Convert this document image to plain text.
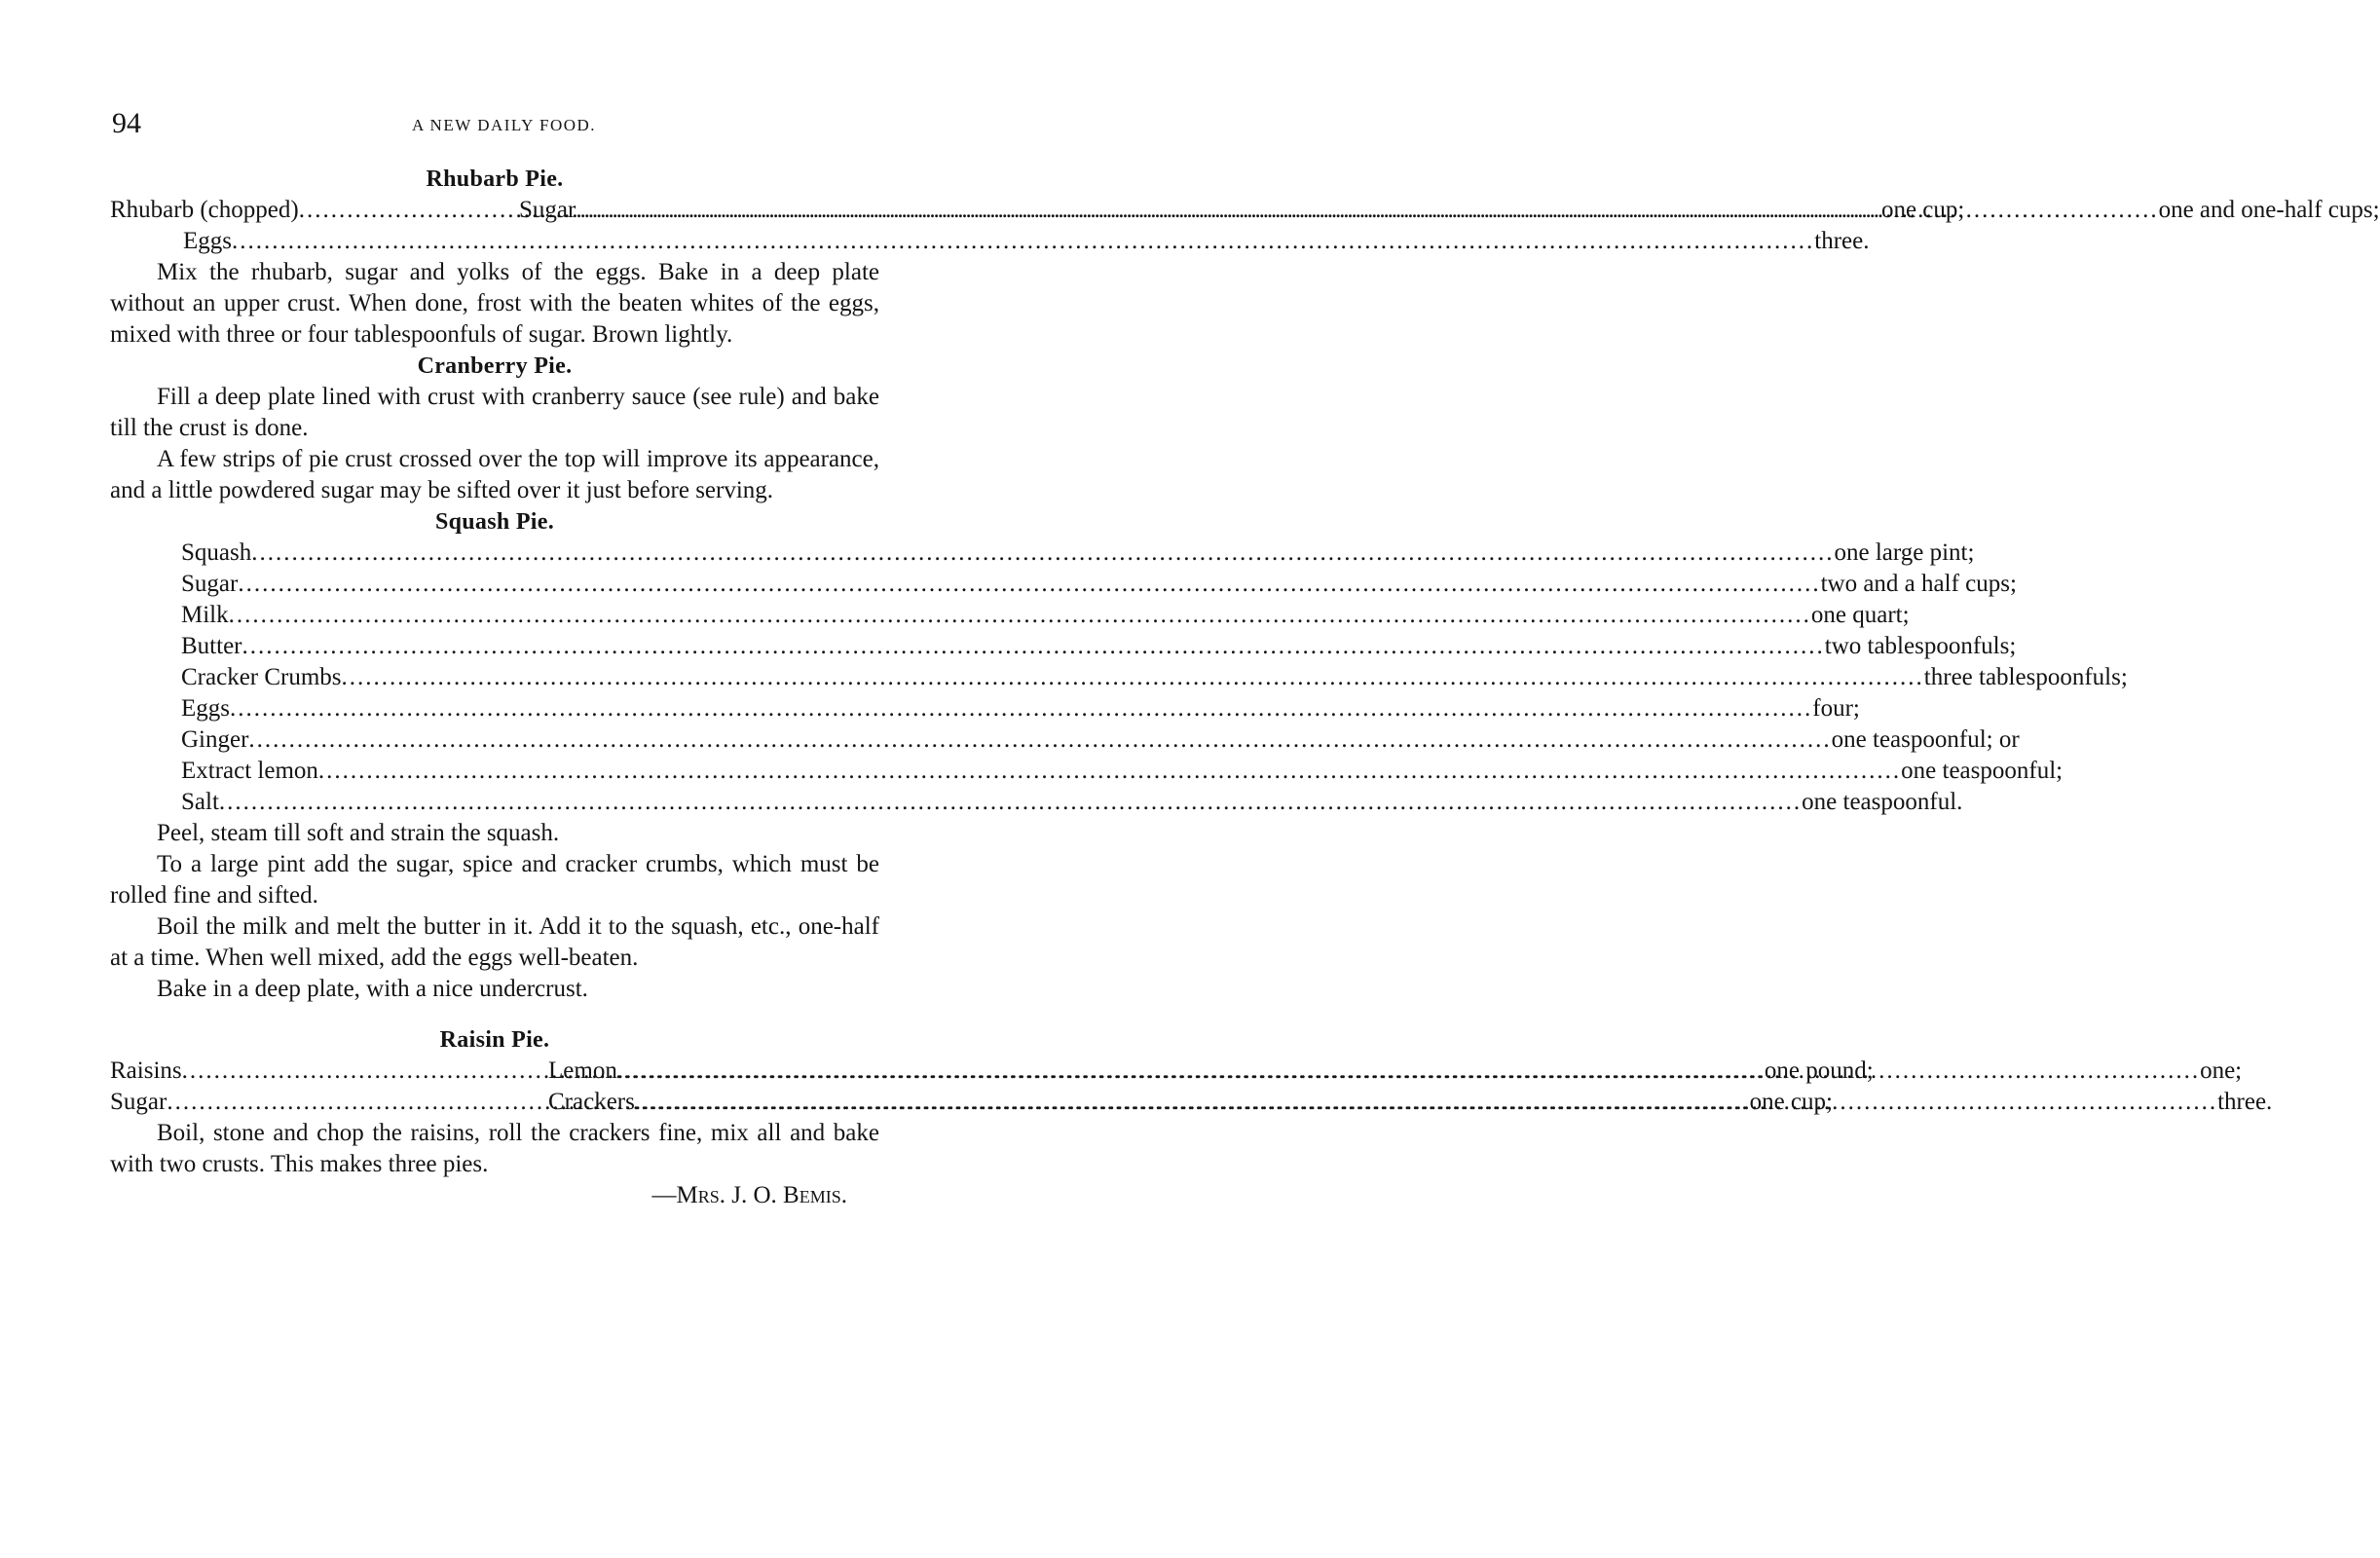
94	A NEW DAILY FOOD.
Rhubarb Pie.
Rhubarb (chopped) .....	one cup;
Sugar .....	one and one-half cups;
Eggs .....	three.

Mix the rhubarb, sugar and yolks of the eggs. Bake in a deep plate without an upper crust. When done, frost with the beaten whites of the eggs, mixed with three or four tablespoonfuls of sugar. Brown lightly.

Cranberry Pie.

Fill a deep plate lined with crust with cranberry sauce (see rule) and bake till the crust is done.

A few strips of pie crust crossed over the top will improve its appearance, and a little powdered sugar may be sifted over it just before serving.

Squash Pie.
Squash .....	one large pint;
Sugar .....	two and a half cups;
Milk .....	one quart;
Butter .....	two tablespoonfuls;
Cracker Crumbs .....	three tablespoonfuls;
Eggs .....	four;
Ginger .....	one teaspoonful; or
Extract lemon .....	one teaspoonful;
Salt .....	one teaspoonful.

Peel, steam till soft and strain the squash.

To a large pint add the sugar, spice and cracker crumbs, which must be rolled fine and sifted.

Boil the milk and melt the butter in it. Add it to the squash, etc., one-half at a time. When well mixed, add the eggs well-beaten.

Bake in a deep plate, with a nice undercrust.

Raisin Pie.
Raisins .....	one pound;
Lemon .....	one;
Sugar .....	one cup;
Crackers .....	three.

Boil, stone and chop the raisins, roll the crackers fine, mix all and bake with two crusts. This makes three pies.

—Mrs. J. O. Bemis.
